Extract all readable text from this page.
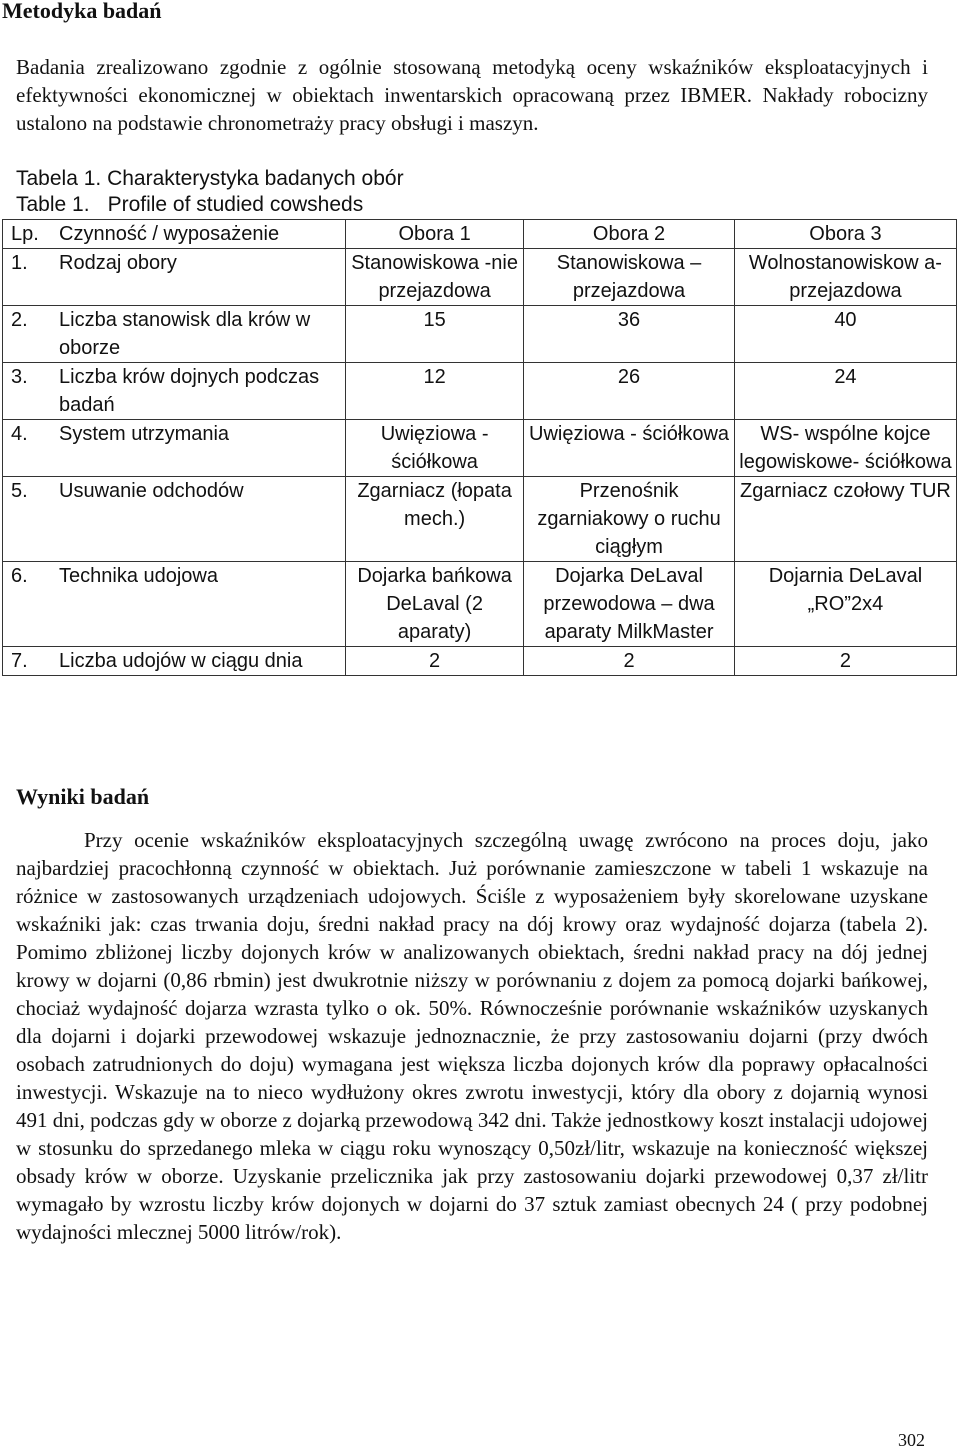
Metodyka badań

Badania zrealizowano zgodnie z ogólnie stosowaną metodyką oceny wskaźników eksploatacyjnych i efektywności ekonomicznej w obiektach inwentarskich opracowaną przez IBMER. Nakłady robocizny ustalono na podstawie chronometraży pracy obsługi i maszyn.

Tabela 1. Charakterystyka badanych obór
Table 1. Profile of studied cowsheds
Lp.	Czynność / wyposażenie	Obora 1	Obora 2	Obora 3
1.	Rodzaj obory	Stanowiskowa -nie przejazdowa	Stanowiskowa – przejazdowa	Wolnostanowiskow a-przejazdowa
2.	Liczba stanowisk dla krów w oborze	15	36	40
3.	Liczba krów dojnych podczas badań	12	26	24
4.	System utrzymania	Uwięziowa - ściółkowa	Uwięziowa - ściółkowa	WS- wspólne kojce legowiskowe- ściółkowa
5.	Usuwanie odchodów	Zgarniacz (łopata mech.)	Przenośnik zgarniakowy o ruchu ciągłym	Zgarniacz czołowy TUR
6.	Technika udojowa	Dojarka bańkowa DeLaval (2 aparaty)	Dojarka DeLaval przewodowa – dwa aparaty MilkMaster	Dojarnia DeLaval „RO”2x4
7.	Liczba udojów w ciągu dnia	2	2	2
Wyniki badań

Przy ocenie wskaźników eksploatacyjnych szczególną uwagę zwrócono na proces doju, jako najbardziej pracochłonną czynność w obiektach. Już porównanie zamieszczone w tabeli 1 wskazuje na różnice w zastosowanych urządzeniach udojowych. Ściśle z wyposażeniem były skorelowane uzyskane wskaźniki jak: czas trwania doju, średni nakład pracy na dój krowy oraz wydajność dojarza (tabela 2). Pomimo zbliżonej liczby dojonych krów w analizowanych obiektach, średni nakład pracy na dój jednej krowy w dojarni (0,86 rbmin) jest dwukrotnie niższy w porównaniu z dojem za pomocą dojarki bańkowej, chociaż wydajność dojarza wzrasta tylko o ok. 50%. Równocześnie porównanie wskaźników uzyskanych dla dojarni i dojarki przewodowej wskazuje jednoznacznie, że przy zastosowaniu dojarni (przy dwóch osobach zatrudnionych do doju) wymagana jest większa liczba dojonych krów dla poprawy opłacalności inwestycji. Wskazuje na to nieco wydłużony okres zwrotu inwestycji, który dla obory z dojarnią wynosi 491 dni, podczas gdy w oborze z dojarką przewodową 342 dni. Także jednostkowy koszt instalacji udojowej w stosunku do sprzedanego mleka w ciągu roku wynoszący 0,50zł/litr, wskazuje na konieczność większej obsady krów w oborze. Uzyskanie przelicznika jak przy zastosowaniu dojarki przewodowej 0,37 zł/litr wymagało by wzrostu liczby krów dojonych w dojarni do 37 sztuk zamiast obecnych 24 ( przy podobnej wydajności mlecznej 5000 litrów/rok).

302
